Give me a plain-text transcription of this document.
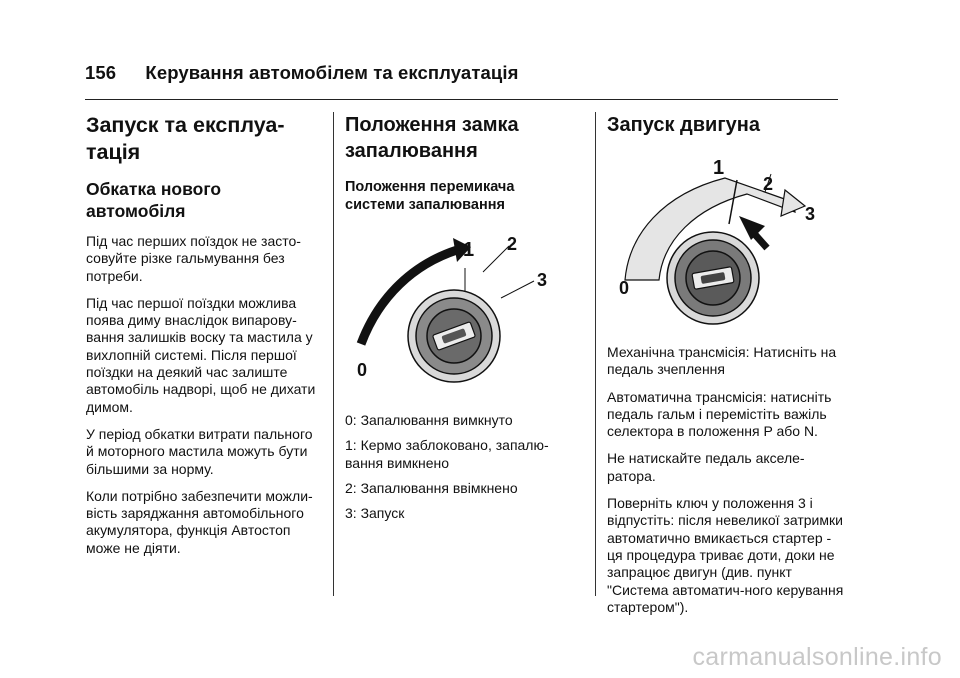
156 Керування автомобілем та експлуатація
Запуск та експлуа-
тація
Обкатка нового
автомобіля

Під час перших поїздок не засто-совуйте різке гальмування без потреби.

Під час першої поїздки можлива поява диму внаслідок випарову-вання залишків воску та мастила у вихлопній системі. Після першої поїздки на деякий час залиште автомобіль надворі, щоб не дихати димом.

У період обкатки витрати пального й моторного мастила можуть бути більшими за норму.

Коли потрібно забезпечити можли-вість заряджання автомобільного акумулятора, функція Автостоп може не діяти.

Положення замка
запалювання
Положення перемикача
системи запалювання
1 2
3
0

0: Запалювання вимкнуто

1: Кермо заблоковано, запалю-вання вимкнено

2: Запалювання ввімкнено

3: Запуск

Запуск двигуна
1
2
3
0

Механічна трансмісія: Натисніть на педаль зчеплення

Автоматична трансмісія: натисніть педаль гальм і перемістіть важіль селектора в положення P або N.

Не натискайте педаль акселе-ратора.

Поверніть ключ у положення 3 і відпустіть: після невеликої затримки автоматично вмикається стартер - ця процедура триває доти, доки не запрацює двигун (див. пункт "Система автоматич-ного керування стартером").

carmanualsonline.info
